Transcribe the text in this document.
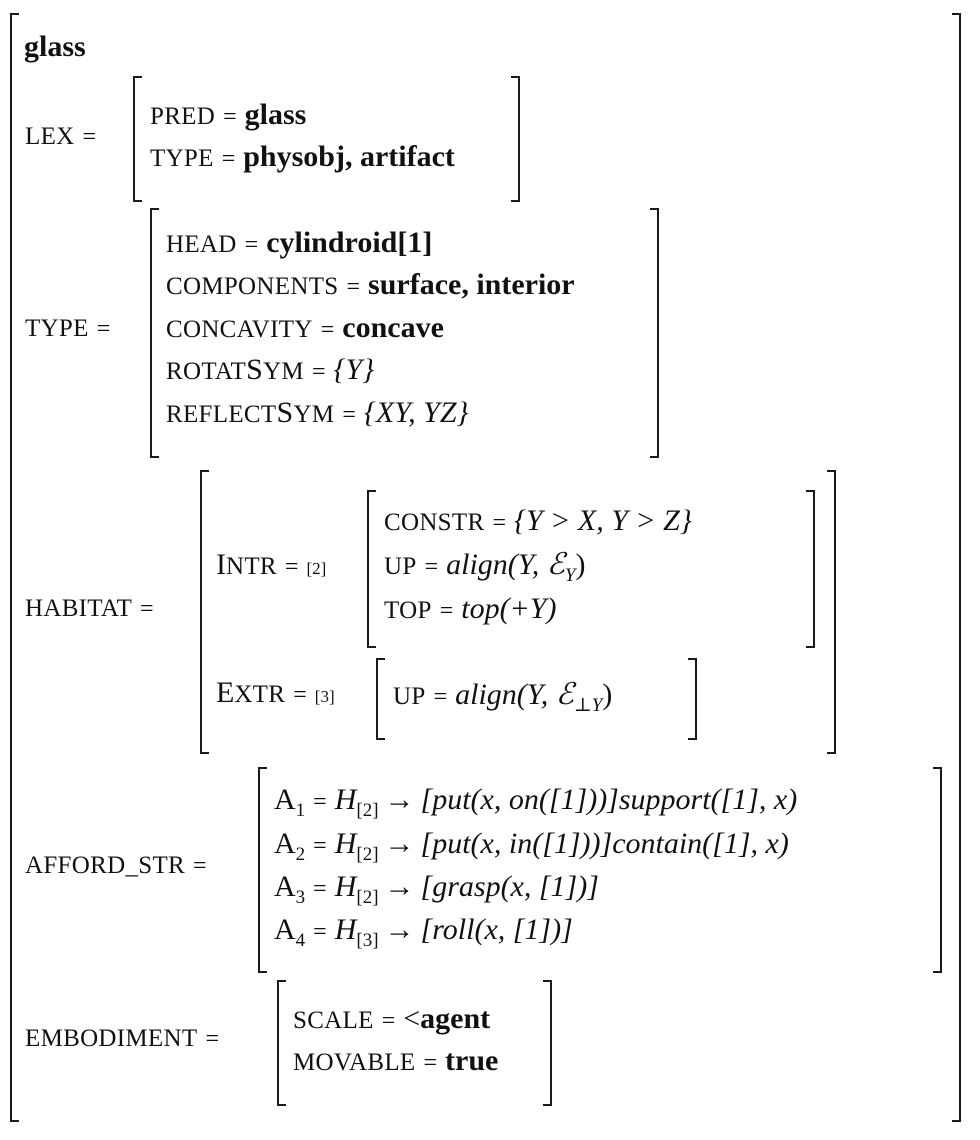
glass
LEX =
PRED = glass
TYPE = physobj, artifact
TYPE =
HEAD = cylindroid[1]
COMPONENTS = surface, interior
CONCAVITY = concave
ROTATSYM = {Y}
REFLECTSYM = {XY, YZ}
HABITAT =
INTR = [2]
CONSTR = {Y > X, Y > Z}
UP = align(Y, ℰY)
TOP = top(+Y)
EXTR = [3] UP = align(Y, ℰ⊥Y)
AFFORD_STR =
A1 = H[2] → [put(x, on([1]))]support([1], x)
A2 = H[2] → [put(x, in([1]))]contain([1], x)
A3 = H[2] → [grasp(x, [1])]
A4 = H[3] → [roll(x, [1])]
EMBODIMENT =
SCALE = <agent
MOVABLE = true
